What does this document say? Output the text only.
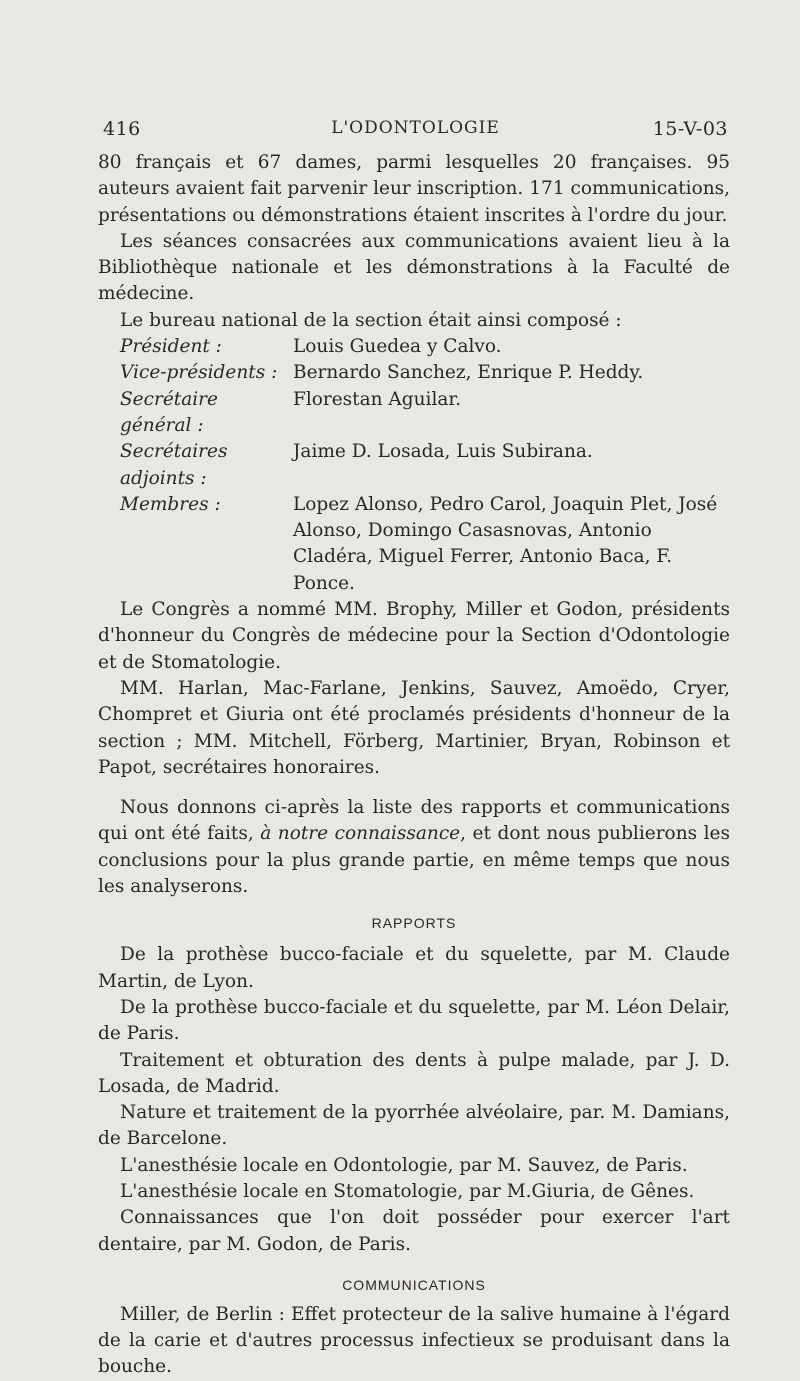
416	L'ODONTOLOGIE	15-V-03

80 français et 67 dames, parmi lesquelles 20 françaises. 95 auteurs avaient fait parvenir leur inscription. 171 communications, présentations ou démonstrations étaient inscrites à l'ordre du jour.

Les séances consacrées aux communications avaient lieu à la Bibliothèque nationale et les démonstrations à la Faculté de médecine.

Le bureau national de la section était ainsi composé :

Président :	Louis Guedea y Calvo.
Vice-présidents : Bernardo Sanchez, Enrique P. Heddy.
Secrétaire général :
Florestan Aguilar.
Secrétaires adjoints :
Jaime D. Losada, Luis Subirana.
Membres :	Lopez Alonso, Pedro Carol, Joaquin Plet, José Alonso, Domingo Casasnovas, Antonio Cladéra, Miguel Ferrer, Antonio Baca, F. Ponce.

Le Congrès a nommé MM. Brophy, Miller et Godon, présidents d'honneur du Congrès de médecine pour la Section d'Odontologie et de Stomatologie.

MM. Harlan, Mac-Farlane, Jenkins, Sauvez, Amoëdo, Cryer, Chompret et Giuria ont été proclamés présidents d'honneur de la section ; MM. Mitchell, Förberg, Martinier, Bryan, Robinson et Papot, secrétaires honoraires.

Nous donnons ci-après la liste des rapports et communications qui ont été faits, à notre connaissance, et dont nous publierons les conclusions pour la plus grande partie, en même temps que nous les analyserons.

RAPPORTS

De la prothèse bucco-faciale et du squelette, par M. Claude Martin, de Lyon.

De la prothèse bucco-faciale et du squelette, par M. Léon Delair, de Paris.

Traitement et obturation des dents à pulpe malade, par J. D. Losada, de Madrid.

Nature et traitement de la pyorrhée alvéolaire, par. M. Damians, de Barcelone.

L'anesthésie locale en Odontologie, par M. Sauvez, de Paris.

L'anesthésie locale en Stomatologie, par M.Giuria, de Gênes.

Connaissances que l'on doit posséder pour exercer l'art dentaire, par M. Godon, de Paris.

COMMUNICATIONS

Miller, de Berlin : Effet protecteur de la salive humaine à l'égard de la carie et d'autres processus infectieux se produisant dans la bouche.
